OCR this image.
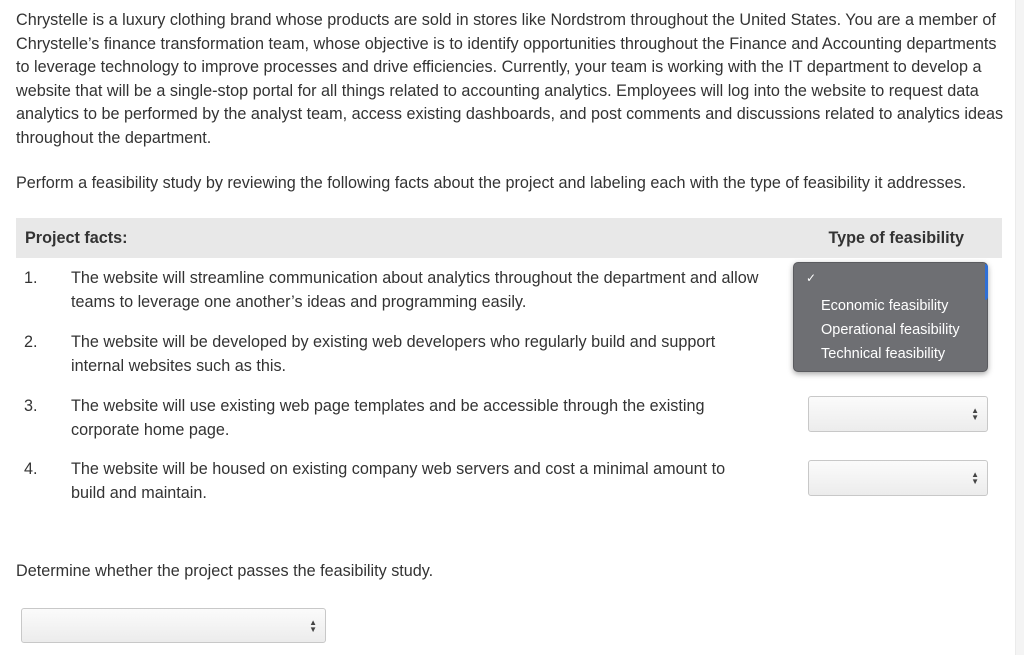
Chrystelle is a luxury clothing brand whose products are sold in stores like Nordstrom throughout the United States. You are a member of Chrystelle’s finance transformation team, whose objective is to identify opportunities throughout the Finance and Accounting departments to leverage technology to improve processes and drive efficiencies. Currently, your team is working with the IT department to develop a website that will be a single-stop portal for all things related to accounting analytics. Employees will log into the website to request data analytics to be performed by the analyst team, access existing dashboards, and post comments and discussions related to analytics ideas throughout the department.
Perform a feasibility study by reviewing the following facts about the project and labeling each with the type of feasibility it addresses.
Project facts:	Type of feasibility
1. The website will streamline communication about analytics throughout the department and allow teams to leverage one another’s ideas and programming easily.
2. The website will be developed by existing web developers who regularly build and support internal websites such as this.
3. The website will use existing web page templates and be accessible through the existing corporate home page.
4. The website will be housed on existing company web servers and cost a minimal amount to build and maintain.
✓
Economic feasibility
Operational feasibility
Technical feasibility
▲
▼
▲
▼
Determine whether the project passes the feasibility study.
▲
▼
